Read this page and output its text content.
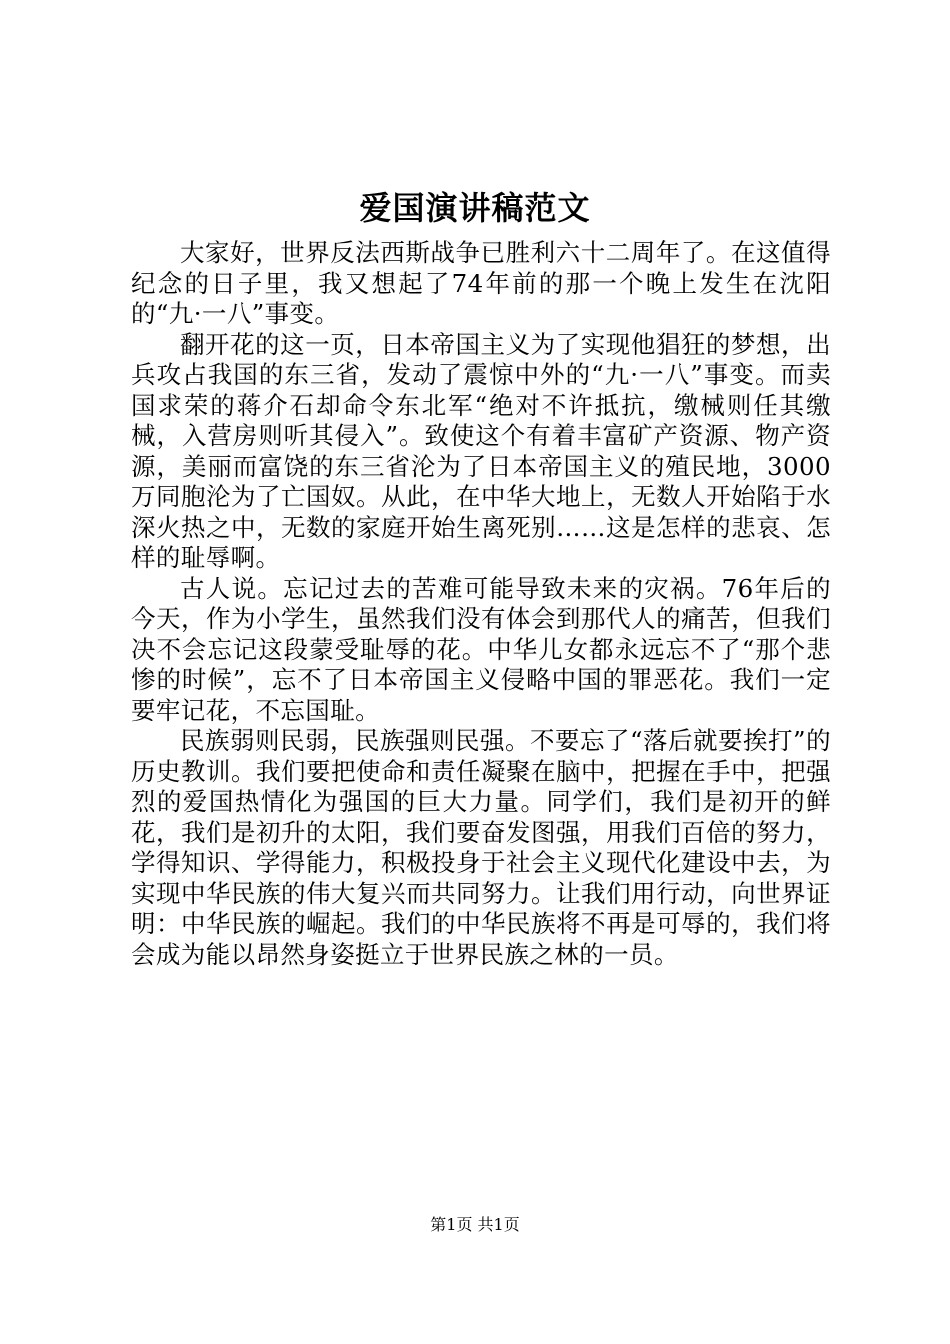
爱国演讲稿范文

大家好，世界反法西斯战争已胜利六十二周年了。在这值得纪念的日子里，我又想起了74年前的那一个晚上发生在沈阳的“九·一八”事变。

翻开花的这一页，日本帝国主义为了实现他猖狂的梦想，出兵攻占我国的东三省，发动了震惊中外的“九·一八”事变。而卖国求荣的蒋介石却命令东北军“绝对不许抵抗，缴械则任其缴械，入营房则听其侵入”。致使这个有着丰富矿产资源、物产资源，美丽而富饶的东三省沦为了日本帝国主义的殖民地，3000万同胞沦为了亡国奴。从此，在中华大地上，无数人开始陷于水深火热之中，无数的家庭开始生离死别……这是怎样的悲哀、怎样的耻辱啊。

古人说。忘记过去的苦难可能导致未来的灾祸。76年后的今天，作为小学生，虽然我们没有体会到那代人的痛苦，但我们决不会忘记这段蒙受耻辱的花。中华儿女都永远忘不了“那个悲惨的时候”，忘不了日本帝国主义侵略中国的罪恶花。我们一定要牢记花，不忘国耻。

民族弱则民弱，民族强则民强。不要忘了“落后就要挨打”的历史教训。我们要把使命和责任凝聚在脑中，把握在手中，把强烈的爱国热情化为强国的巨大力量。同学们，我们是初开的鲜花，我们是初升的太阳，我们要奋发图强，用我们百倍的努力，学得知识、学得能力，积极投身于社会主义现代化建设中去，为实现中华民族的伟大复兴而共同努力。让我们用行动，向世界证明：中华民族的崛起。我们的中华民族将不再是可辱的，我们将会成为能以昂然身姿挺立于世界民族之林的一员。

第1页 共1页
